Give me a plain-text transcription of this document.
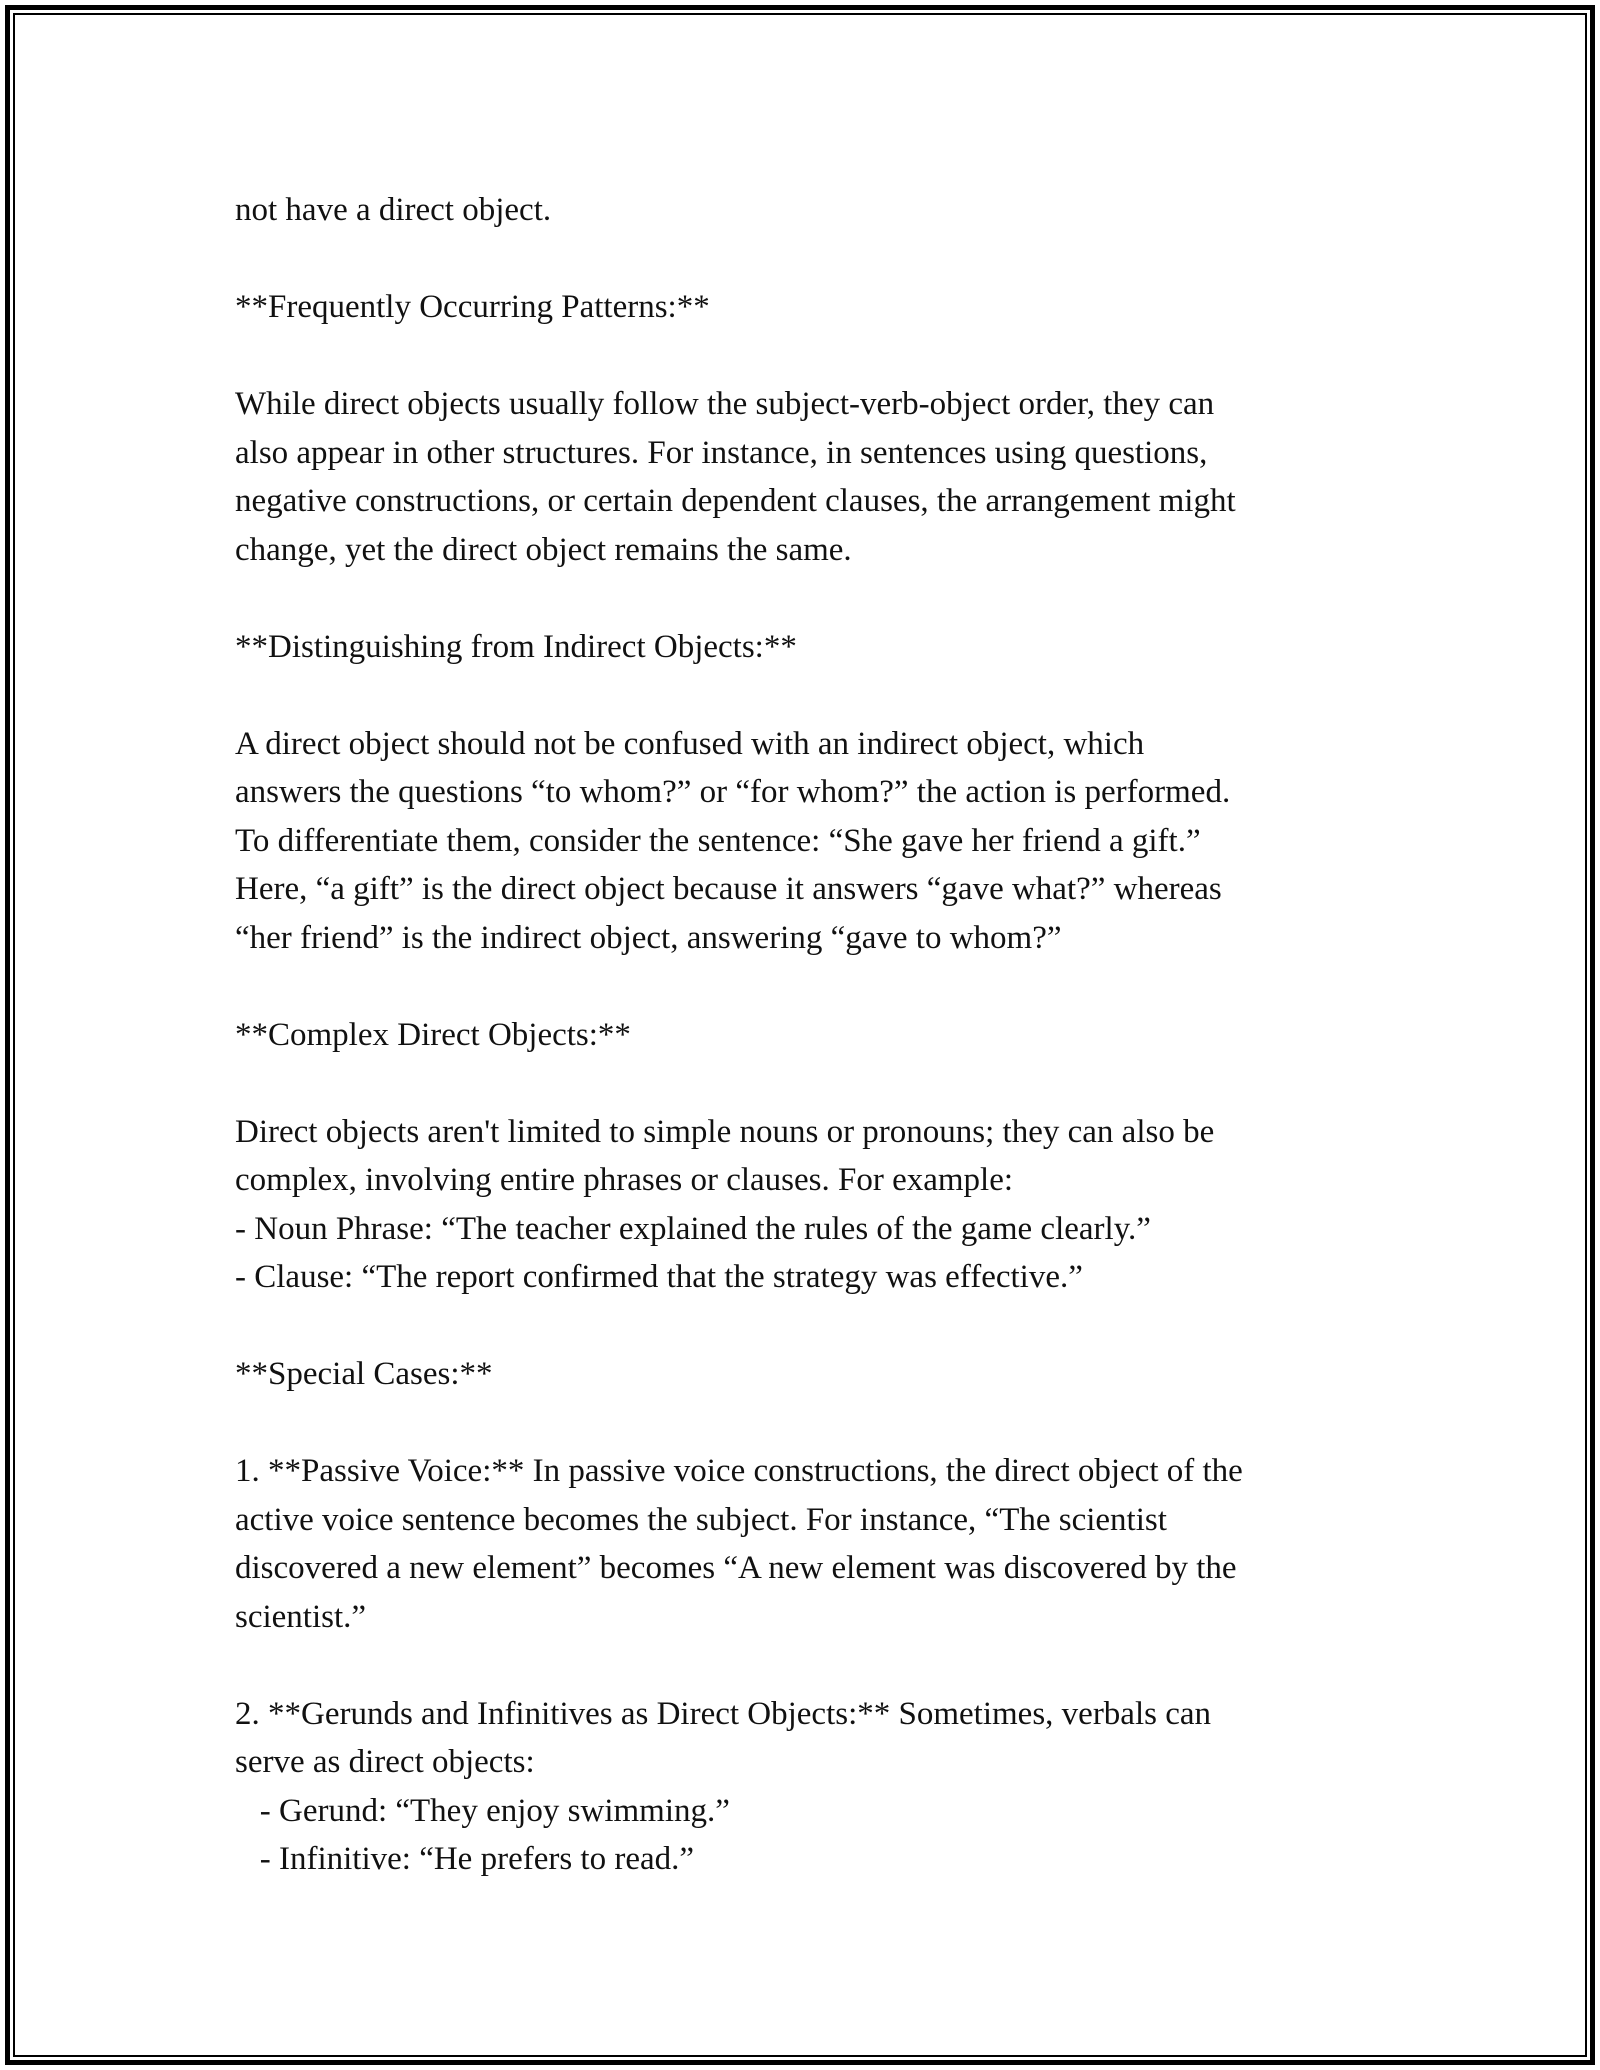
not have a direct object.
**Frequently Occurring Patterns:**
While direct objects usually follow the subject-verb-object order, they can
also appear in other structures. For instance, in sentences using questions,
negative constructions, or certain dependent clauses, the arrangement might
change, yet the direct object remains the same.
**Distinguishing from Indirect Objects:**
A direct object should not be confused with an indirect object, which
answers the questions “to whom?” or “for whom?” the action is performed.
To differentiate them, consider the sentence: “She gave her friend a gift.”
Here, “a gift” is the direct object because it answers “gave what?” whereas
“her friend” is the indirect object, answering “gave to whom?”
**Complex Direct Objects:**
Direct objects aren't limited to simple nouns or pronouns; they can also be
complex, involving entire phrases or clauses. For example:
- Noun Phrase: “The teacher explained the rules of the game clearly.”
- Clause: “The report confirmed that the strategy was effective.”
**Special Cases:**
1. **Passive Voice:** In passive voice constructions, the direct object of the
active voice sentence becomes the subject. For instance, “The scientist
discovered a new element” becomes “A new element was discovered by the
scientist.”
2. **Gerunds and Infinitives as Direct Objects:** Sometimes, verbals can
serve as direct objects:
- Gerund: “They enjoy swimming.”
- Infinitive: “He prefers to read.”
